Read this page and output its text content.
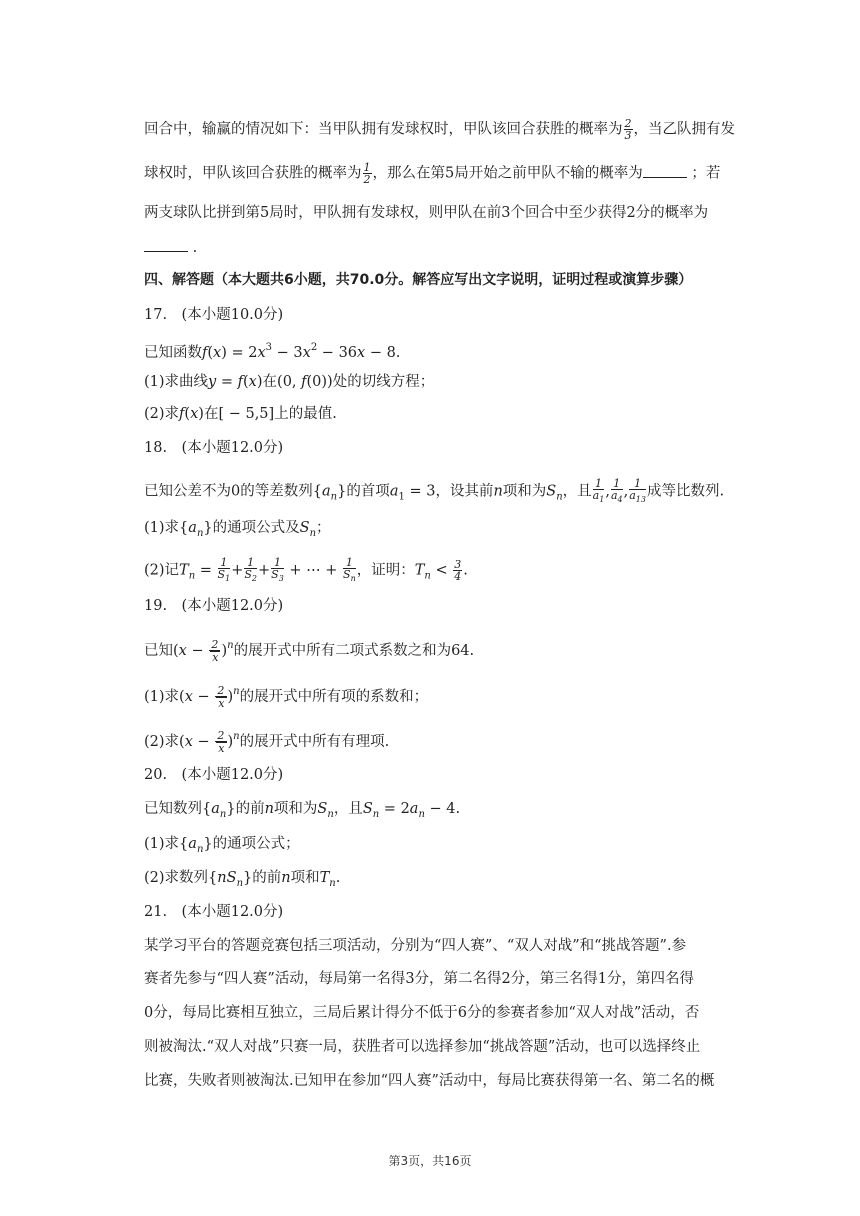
回合中，输赢的情况如下：当甲队拥有发球权时，甲队该回合获胜的概率为 $\frac{2}{3}$ ，当乙队拥有发
球权时，甲队该回合获胜的概率为 $\frac{1}{2}$ ，那么在第5局开始之前甲队不输的概率为	；若
两支球队比拼到第5局时，甲队拥有发球权，则甲队在前3个回合中至少获得2分的概率为
.
四、解答题（本大题共6小题，共70.0分。解答应写出文字说明，证明过程或演算步骤）
17.　(本小题10.0分)
已知函数$f(x) = 2x^3 - 3x^2 - 36x - 8$.
(1)求曲线y = f(x)在(0, f(0))处的切线方程；
(2)求f(x)在[ − 5,5]上的最值.
18.　(本小题12.0分)
已知公差不为0的等差数列$\{a_n\}$的首项$a_1 = 3$，设其前n项和为$S_n$，且 $\frac{1}{a_1}$ , $\frac{1}{a_4}$ , $\frac{1}{a_{13}}$ 成等比数列.
(1)求$\{a_n\}$的通项公式及$S_n$；
(2)记$T_n = \frac{1}{S_1} + \frac{1}{S_2} + \frac{1}{S_3}$ + ⋯ + $\frac{1}{S_n}$ ，证明：$T_n < \frac{3}{4}$ .
19.　(本小题12.0分)
已知$(x - \frac{2}{x} )^n$的展开式中所有二项式系数之和为64.
(1)求$(x - \frac{2}{x} )^n$的展开式中所有项的系数和；
(2)求$(x - \frac{2}{x} )^n$的展开式中所有有理项.
20.　(本小题12.0分)
已知数列$\{a_n\}$的前n项和为$S_n$，且$S_n = 2a_n - 4$.
(1)求$\{a_n\}$的通项公式；
(2)求数列$\{nS_n\}$的前n项和$T_n$.
21.　(本小题12.0分)
某学习平台的答题竞赛包括三项活动，分别为“四人赛”、“双人对战”和“挑战答题”.参
赛者先参与“四人赛”活动，每局第一名得3分，第二名得2分，第三名得1分，第四名得
0分，每局比赛相互独立，三局后累计得分不低于6分的参赛者参加“双人对战”活动，否
则被淘汰.“双人对战”只赛一局，获胜者可以选择参加“挑战答题”活动，也可以选择终止
比赛，失败者则被淘汰.已知甲在参加“四人赛”活动中，每局比赛获得第一名、第二名的概
第3页，共16页
